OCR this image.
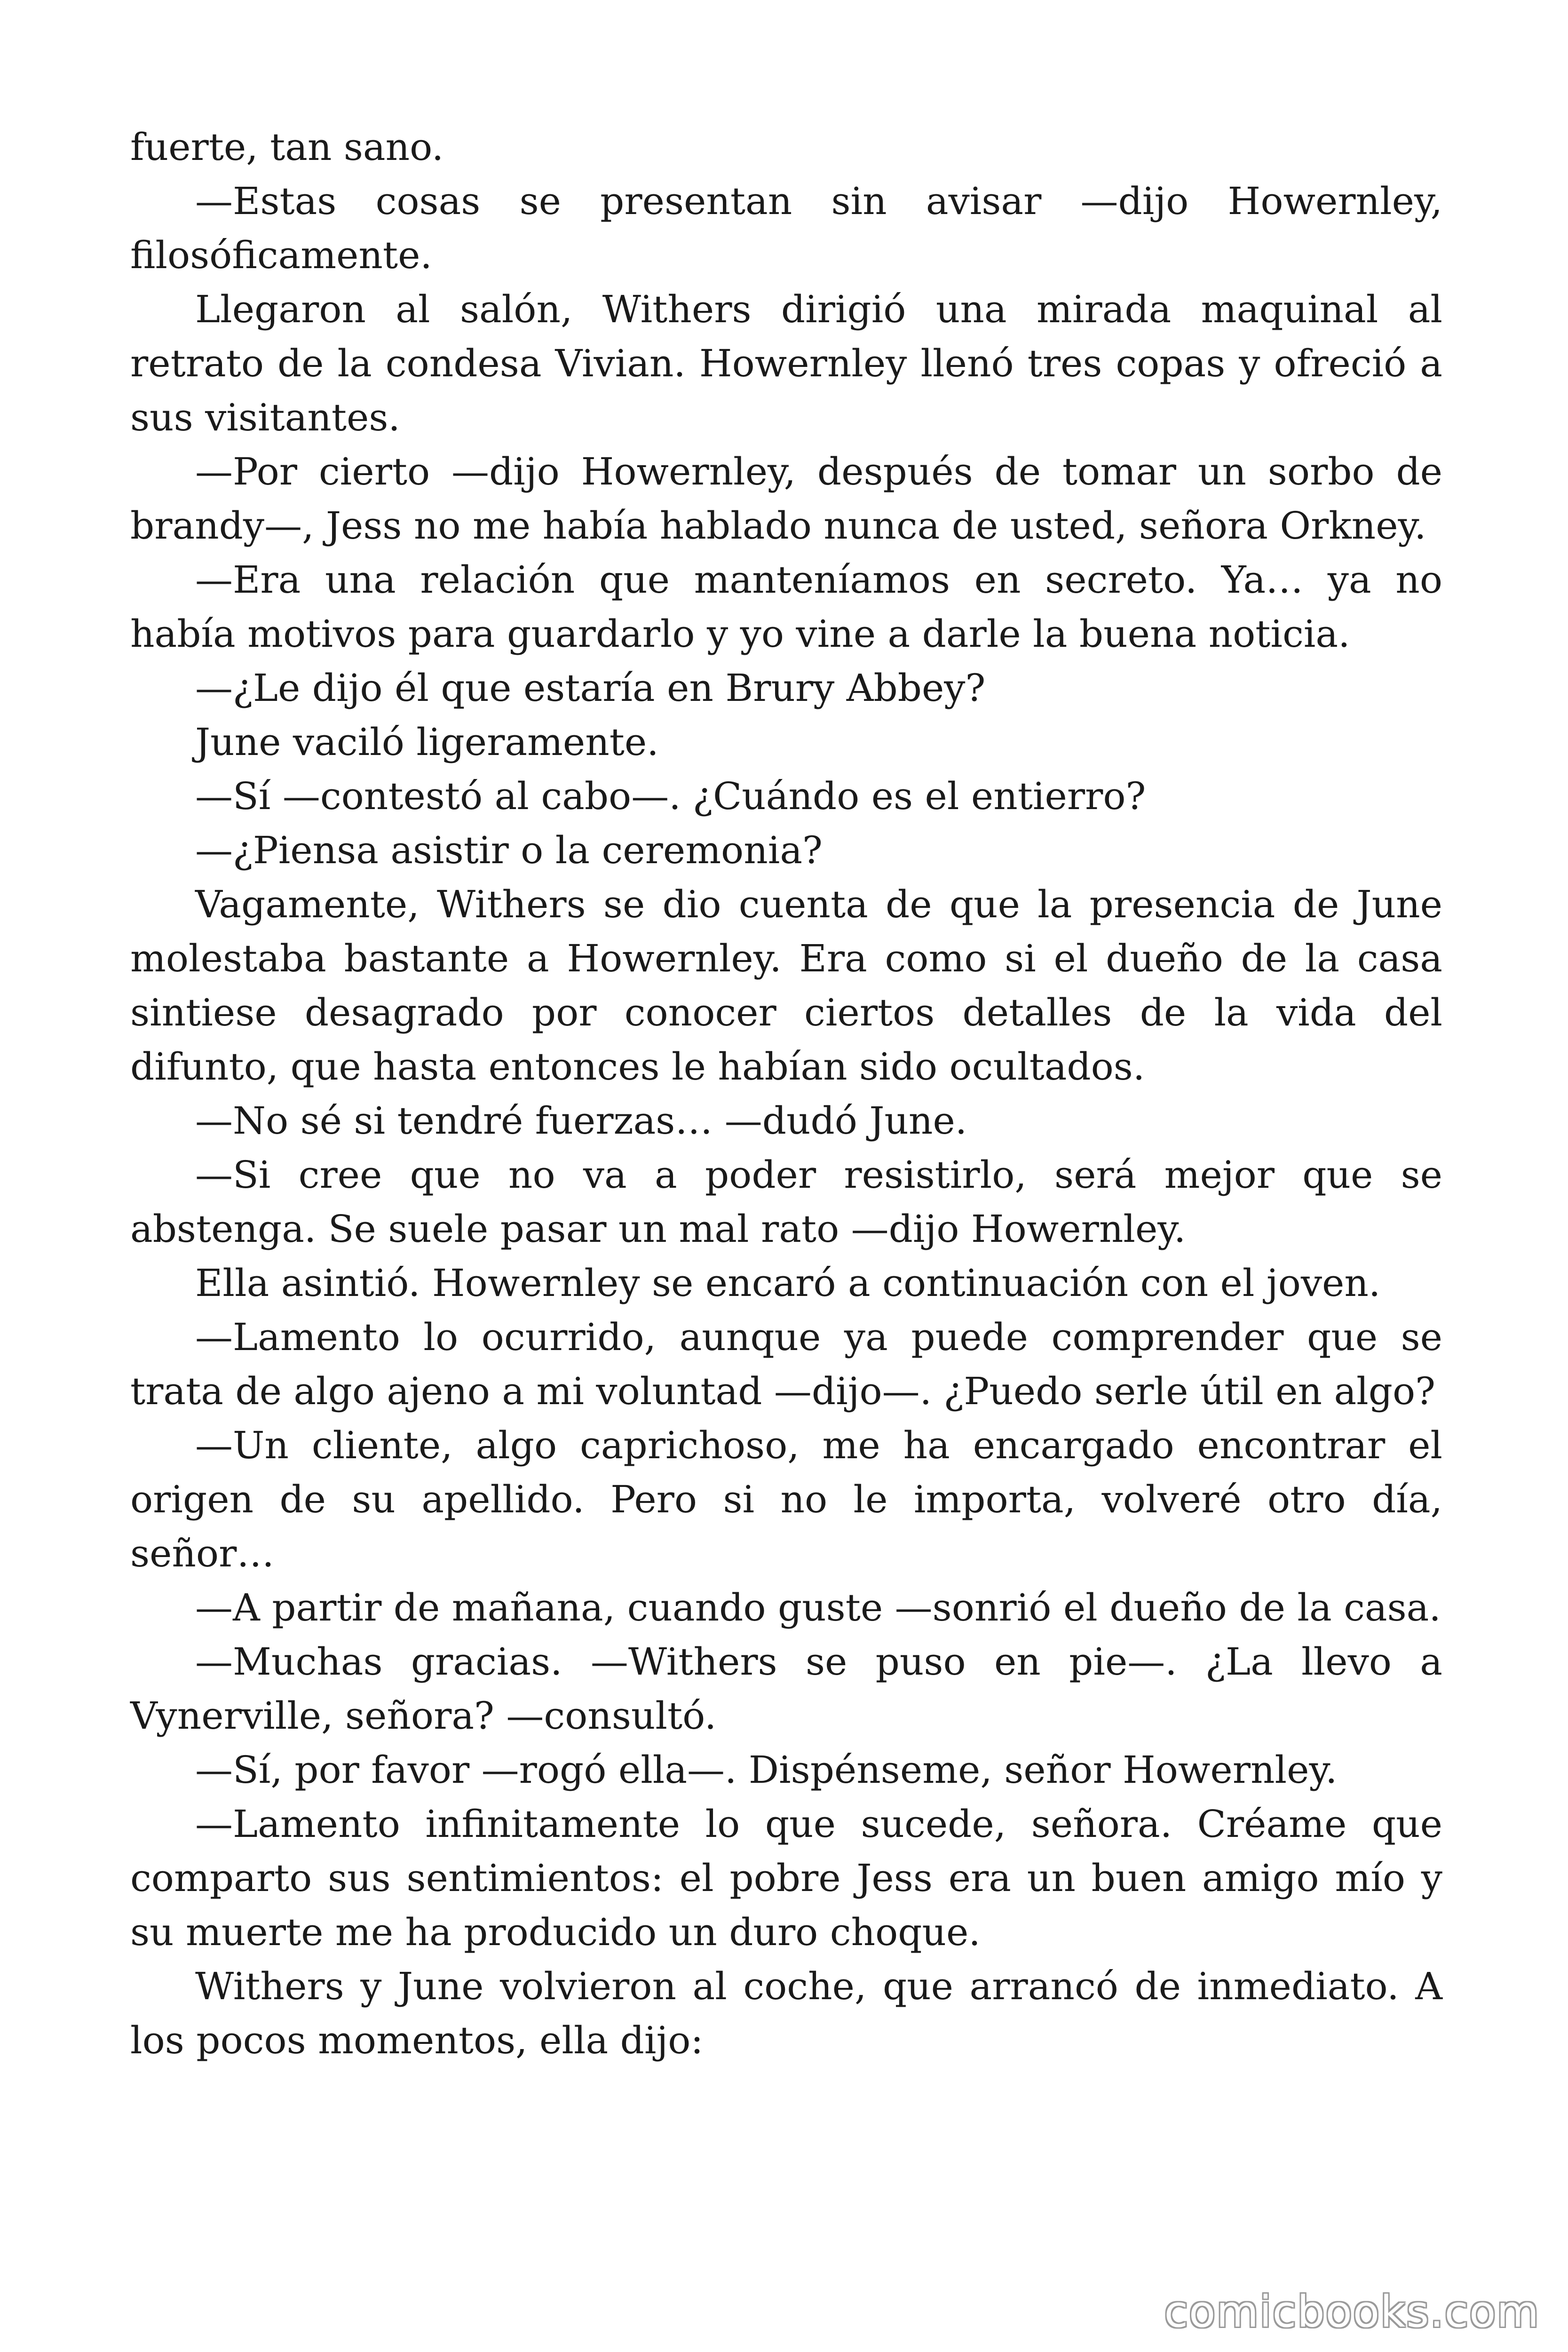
fuerte, tan sano.

—Estas cosas se presentan sin avisar —dijo Howernley, filosóficamente.

Llegaron al salón, Withers dirigió una mirada maquinal al retrato de la condesa Vivian. Howernley llenó tres copas y ofreció a sus visitantes.

—Por cierto —dijo Howernley, después de tomar un sorbo de brandy—, Jess no me había hablado nunca de usted, señora Orkney.

—Era una relación que manteníamos en secreto. Ya… ya no había motivos para guardarlo y yo vine a darle la buena noticia.

—¿Le dijo él que estaría en Brury Abbey?

June vaciló ligeramente.

—Sí —contestó al cabo—. ¿Cuándo es el entierro?

—¿Piensa asistir o la ceremonia?

Vagamente, Withers se dio cuenta de que la presencia de June molestaba bastante a Howernley. Era como si el dueño de la casa sintiese desagrado por conocer ciertos detalles de la vida del difunto, que hasta entonces le habían sido ocultados.

—No sé si tendré fuerzas… —dudó June.

—Si cree que no va a poder resistirlo, será mejor que se abstenga. Se suele pasar un mal rato —dijo Howernley.

Ella asintió. Howernley se encaró a continuación con el joven.

—Lamento lo ocurrido, aunque ya puede comprender que se trata de algo ajeno a mi voluntad —dijo—. ¿Puedo serle útil en algo?

—Un cliente, algo caprichoso, me ha encargado encontrar el origen de su apellido. Pero si no le importa, volveré otro día, señor…

—A partir de mañana, cuando guste —sonrió el dueño de la casa.

—Muchas gracias. —Withers se puso en pie—. ¿La llevo a Vynerville, señora? —consultó.

—Sí, por favor —rogó ella—. Dispénseme, señor Howernley.

—Lamento infinitamente lo que sucede, señora. Créame que comparto sus sentimientos: el pobre Jess era un buen amigo mío y su muerte me ha producido un duro choque.

Withers y June volvieron al coche, que arrancó de inmediato. A los pocos momentos, ella dijo:

comicbooks.com
